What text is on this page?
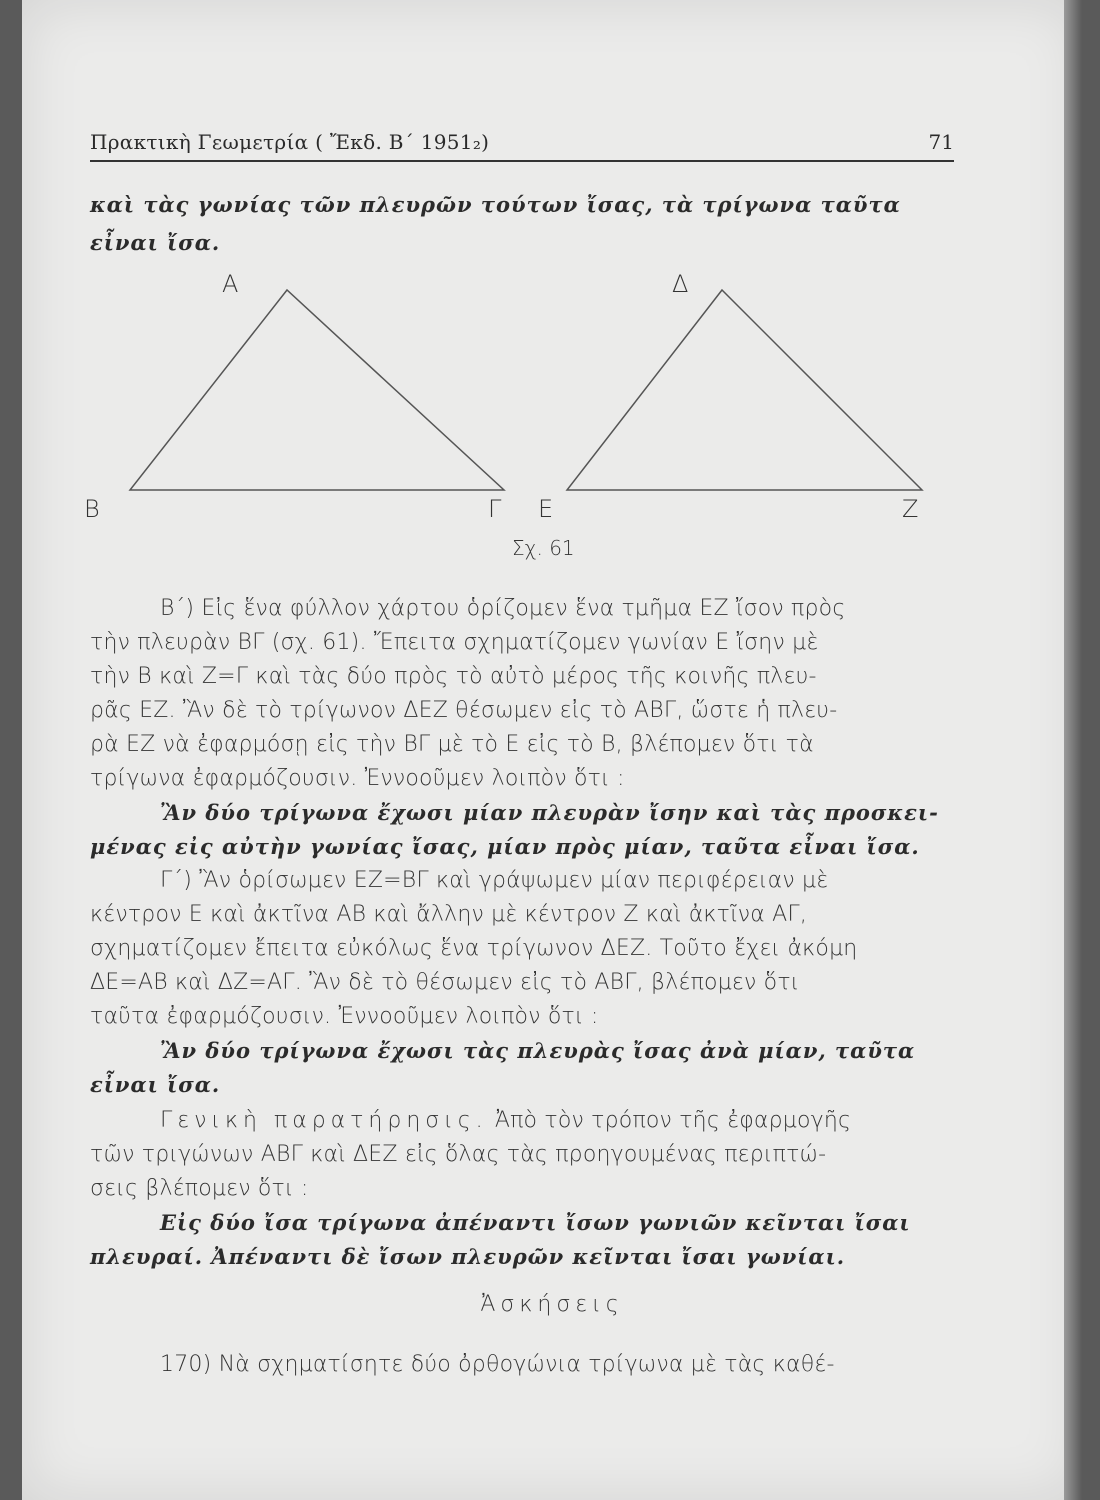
Πρακτικὴ Γεωμετρία ( Ἔκδ. Β΄ 1951₂)	71
καὶ τὰς γωνίας τῶν πλευρῶν τούτων ἴσας, τὰ τρίγωνα ταῦτα
εἶναι ἴσα.
Α
Β	Γ
Δ
Ε	Ζ
Σχ. 61
Β΄) Εἰς ἕνα φύλλον χάρτου ὁρίζομεν ἕνα τμῆμα ΕΖ ἴσον πρὸς
τὴν πλευρὰν ΒΓ (σχ. 61). Ἔπειτα σχηματίζομεν γωνίαν Ε ἴσην μὲ
τὴν Β καὶ Ζ=Γ καὶ τὰς δύο πρὸς τὸ αὐτὸ μέρος τῆς κοινῆς πλευ-
ρᾶς ΕΖ. Ἂν δὲ τὸ τρίγωνον ΔΕΖ θέσωμεν εἰς τὸ ΑΒΓ, ὥστε ἡ πλευ-
ρὰ ΕΖ νὰ ἐφαρμόσῃ εἰς τὴν ΒΓ μὲ τὸ Ε εἰς τὸ Β, βλέπομεν ὅτι τὰ
τρίγωνα ἐφαρμόζουσιν. Ἐννοοῦμεν λοιπὸν ὅτι :
Ἂν δύο τρίγωνα ἔχωσι μίαν πλευρὰν ἴσην καὶ τὰς προσκει-
μένας εἰς αὐτὴν γωνίας ἴσας, μίαν πρὸς μίαν, ταῦτα εἶναι ἴσα.
Γ΄) Ἂν ὁρίσωμεν ΕΖ=ΒΓ καὶ γράψωμεν μίαν περιφέρειαν μὲ
κέντρον Ε καὶ ἀκτῖνα ΑΒ καὶ ἄλλην μὲ κέντρον Ζ καὶ ἀκτῖνα ΑΓ,
σχηματίζομεν ἔπειτα εὐκόλως ἕνα τρίγωνον ΔΕΖ. Τοῦτο ἔχει ἀκόμη
ΔΕ=ΑΒ καὶ ΔΖ=ΑΓ. Ἂν δὲ τὸ θέσωμεν εἰς τὸ ΑΒΓ, βλέπομεν ὅτι
ταῦτα ἐφαρμόζουσιν. Ἐννοοῦμεν λοιπὸν ὅτι :
Ἂν δύο τρίγωνα ἔχωσι τὰς πλευρὰς ἴσας ἀνὰ μίαν, ταῦτα
εἶναι ἴσα.
Γενικὴ παρατήρησις. Ἀπὸ τὸν τρόπον τῆς ἐφαρμογῆς
τῶν τριγώνων ΑΒΓ καὶ ΔΕΖ εἰς ὅλας τὰς προηγουμένας περιπτώ-
σεις βλέπομεν ὅτι :
Εἰς δύο ἴσα τρίγωνα ἀπέναντι ἴσων γωνιῶν κεῖνται ἴσαι
πλευραί. Ἀπέναντι δὲ ἴσων πλευρῶν κεῖνται ἴσαι γωνίαι.
Ἀσκήσεις
170) Νὰ σχηματίσητε δύο ὀρθογώνια τρίγωνα μὲ τὰς καθέ-
